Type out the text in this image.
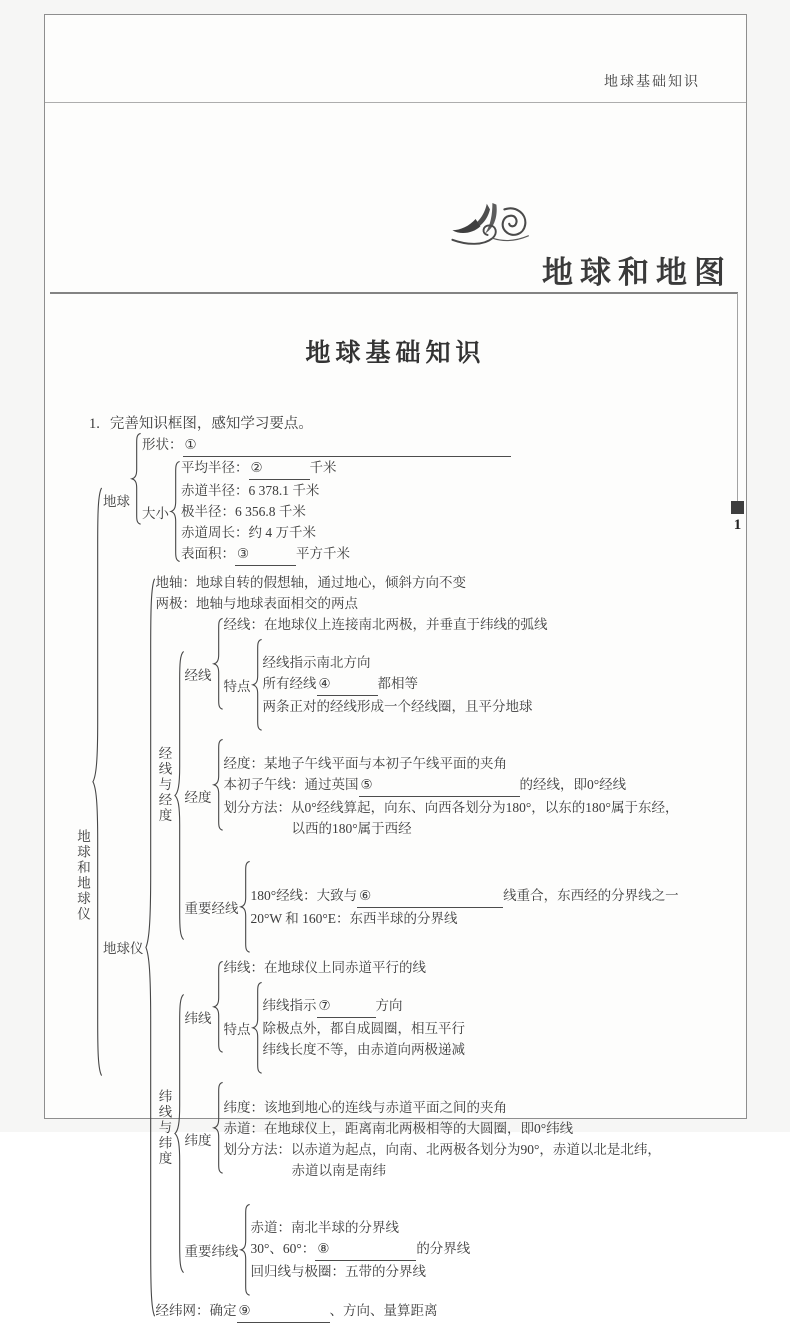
地球基础知识
地球和地图
1
地球基础知识
1. 完善知识框图，感知学习要点。
地球和地球仪
地球
形状： ①
大小
平均半径： ②	千米
赤道半径：6 378.1 千米
极半径：6 356.8 千米
赤道周长：约 4 万千米
表面积： ③	平方千米
地球仪
地轴：地球自转的假想轴，通过地心，倾斜方向不变
两极：地轴与地球表面相交的两点
经线与经度
经线
经线：在地球仪上连接南北两极，并垂直于纬线的弧线
特点
经线指示南北方向
所有经线 ④	都相等
两条正对的经线形成一个经线圈，且平分地球
经度
经度：某地子午线平面与本初子午线平面的夹角
本初子午线：通过英国 ⑤	的经线，即0°经线
划分方法：从0°经线算起，向东、向西各划分为180°，以东的180°属于东经，
以西的180°属于西经
重要经线
180°经线：大致与 ⑥	线重合，东西经的分界线之一
20°W 和 160°E：东西半球的分界线
纬线与纬度
纬线
纬线：在地球仪上同赤道平行的线
特点
纬线指示 ⑦	方向
除极点外，都自成圆圈，相互平行
纬线长度不等，由赤道向两极递减
纬度
纬度：该地到地心的连线与赤道平面之间的夹角
赤道：在地球仪上，距离南北两极相等的大圆圈，即0°纬线
划分方法：以赤道为起点，向南、北两极各划分为90°，赤道以北是北纬，
赤道以南是南纬
重要纬线
赤道：南北半球的分界线
30°、60°： ⑧	的分界线
回归线与极圈：五带的分界线
经纬网：确定 ⑨	、方向、量算距离
